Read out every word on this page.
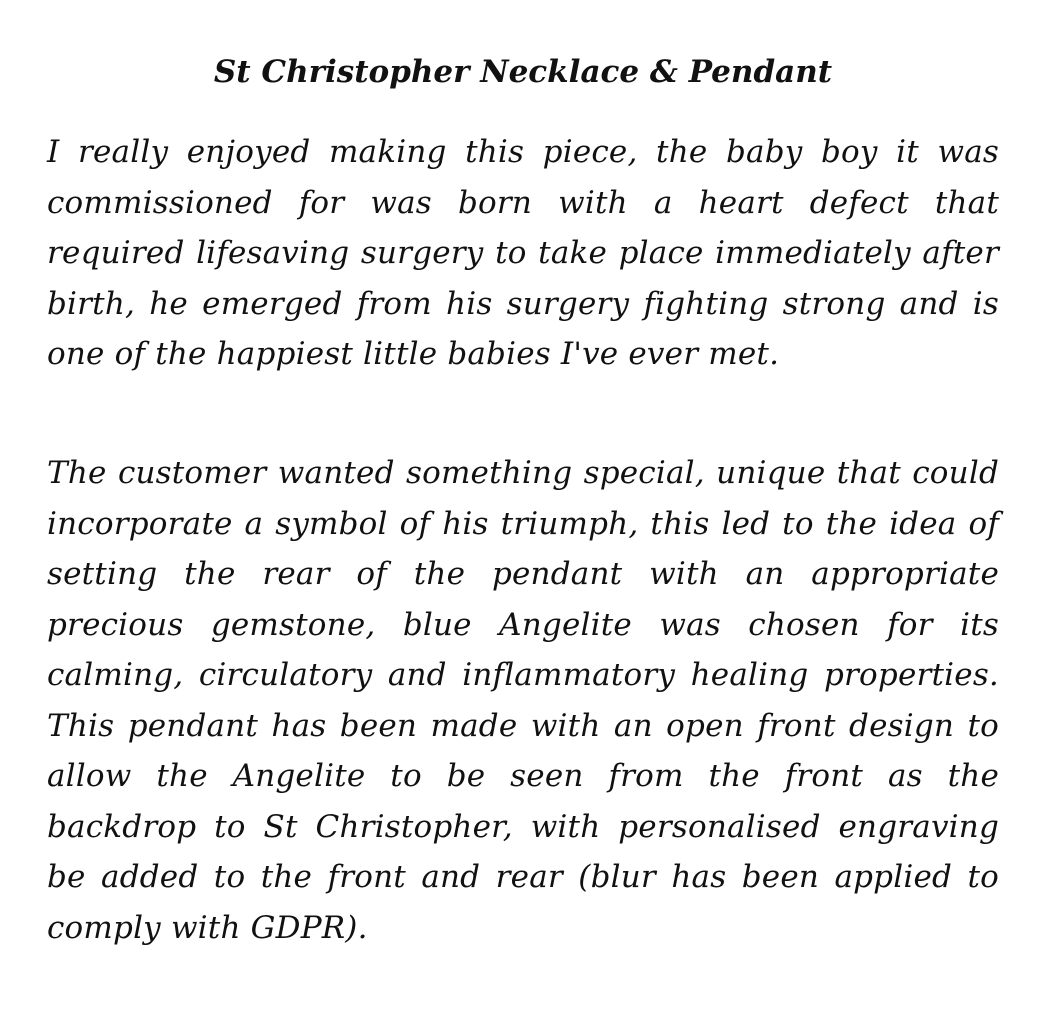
St Christopher Necklace & Pendant

I really enjoyed making this piece, the baby boy it was commissioned for was born with a heart defect that required lifesaving surgery to take place immediately after birth, he emerged from his surgery fighting strong and is one of the happiest little babies I've ever met.

The customer wanted something special, unique that could incorporate a symbol of his triumph, this led to the idea of setting the rear of the pendant with an appropriate precious gemstone, blue Angelite was chosen for its calming, circulatory and inflammatory healing properties. This pendant has been made with an open front design to allow the Angelite to be seen from the front as the backdrop to St Christopher, with personalised engraving be added to the front and rear (blur has been applied to comply with GDPR).
